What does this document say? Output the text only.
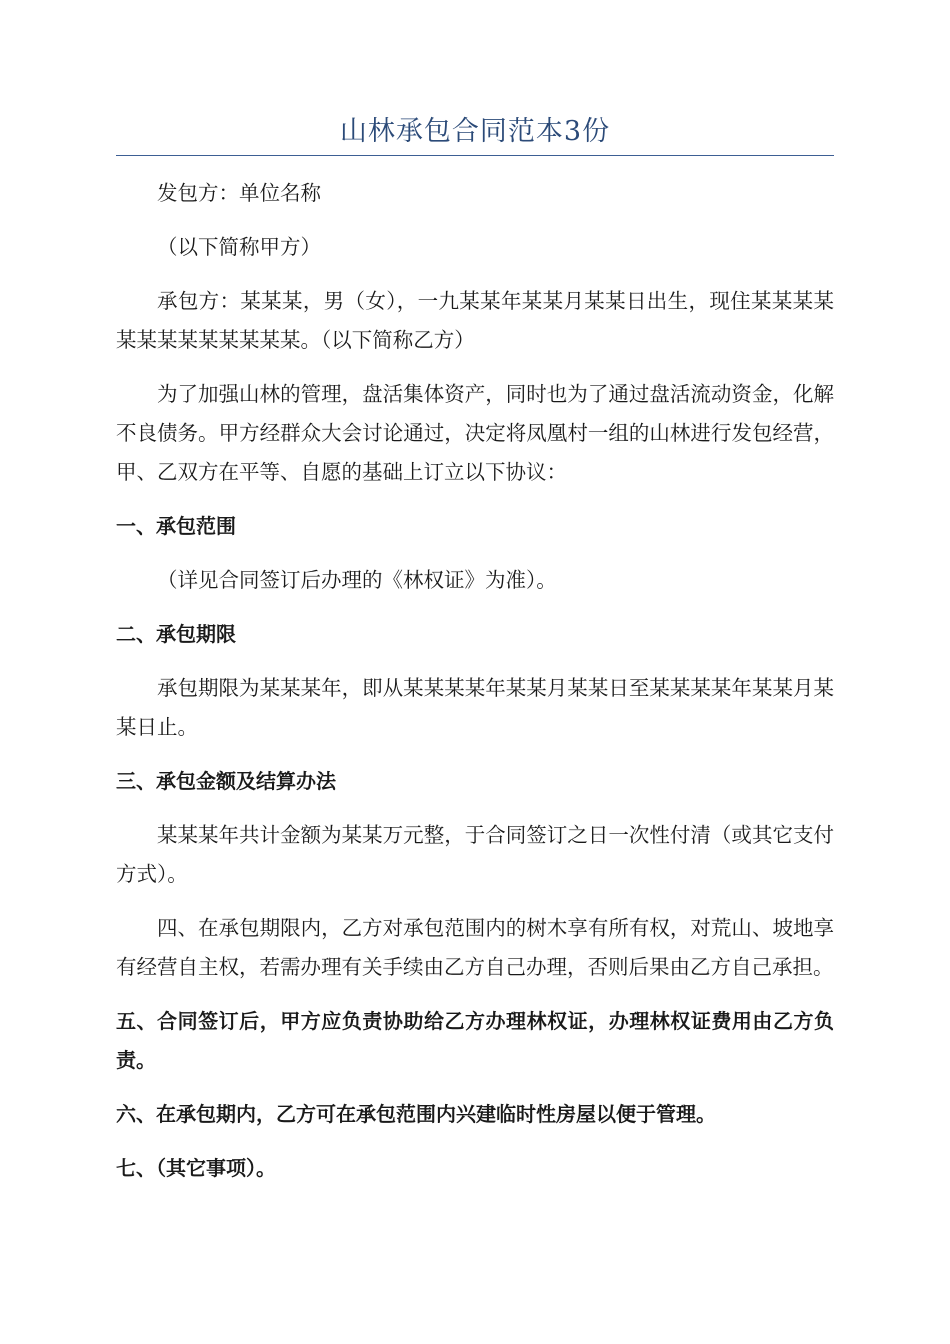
山林承包合同范本3份

发包方：单位名称

（以下简称甲方）

承包方：某某某，男（女），一九某某年某某月某某日出生，现住某某某某某某某某某某某某某。（以下简称乙方）

为了加强山林的管理，盘活集体资产，同时也为了通过盘活流动资金，化解不良债务。甲方经群众大会讨论通过，决定将凤凰村一组的山林进行发包经营，甲、乙双方在平等、自愿的基础上订立以下协议：

一、承包范围

（详见合同签订后办理的《林权证》为准）。

二、承包期限

承包期限为某某某年，即从某某某某年某某月某某日至某某某某年某某月某某日止。

三、承包金额及结算办法

某某某年共计金额为某某万元整，于合同签订之日一次性付清（或其它支付方式）。

四、在承包期限内，乙方对承包范围内的树木享有所有权，对荒山、坡地享有经营自主权，若需办理有关手续由乙方自己办理，否则后果由乙方自己承担。

五、合同签订后，甲方应负责协助给乙方办理林权证，办理林权证费用由乙方负责。

六、在承包期内，乙方可在承包范围内兴建临时性房屋以便于管理。

七、（其它事项）。
